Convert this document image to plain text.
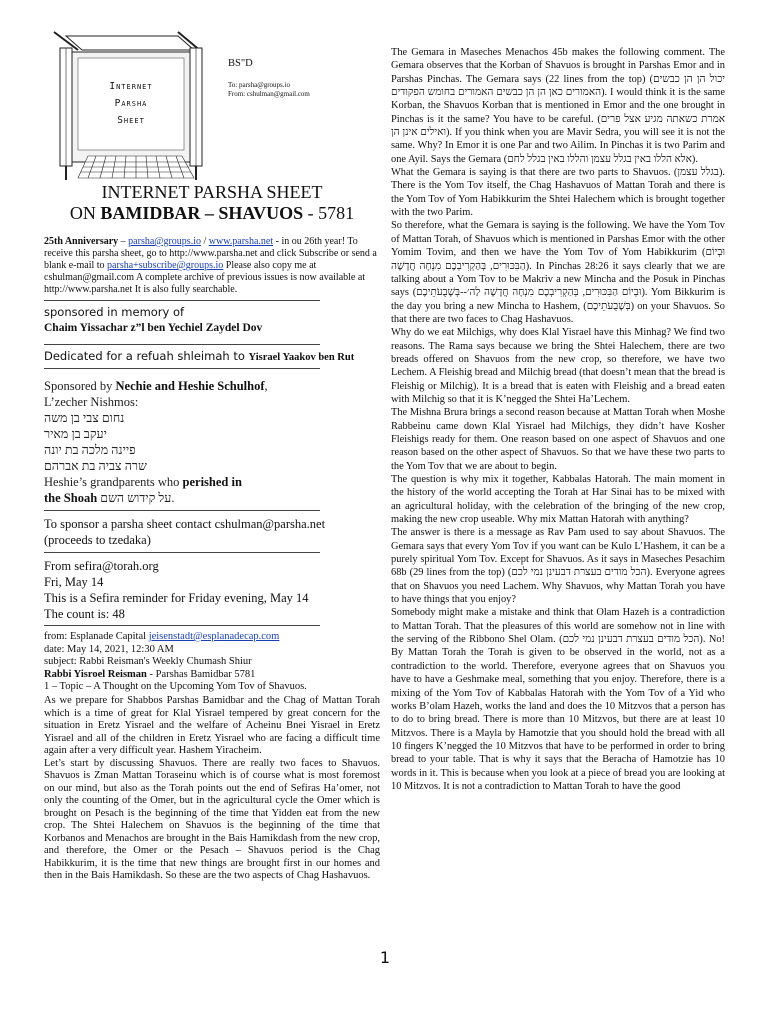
Internet
Parsha
Sheet
BS"D
To: parsha@groups.io
From: cshulman@gmail.com
INTERNET PARSHA SHEET
ON BAMIDBAR – SHAVUOS - 5781
25th Anniversary – parsha@groups.io / www.parsha.net - in ou 26th year! To receive this parsha sheet, go to http://www.parsha.net and click Subscribe or send a blank e-mail to parsha+subscribe@groups.io Please also copy me at cshulman@gmail.com A complete archive of previous issues is now available at http://www.parsha.net It is also fully searchable.
sponsored in memory of
Chaim Yissachar z”l ben Yechiel Zaydel Dov
Dedicated for a refuah shleimah to Yisrael Yaakov ben Rut
Sponsored by Nechie and Heshie Schulhof,
L’zecher Nishmos:
נחום צבי בן משה
יעקב בן מאיר
פיינה מלכה בת יונה
שרה צביה בת אברהם
Heshie’s grandparents who perished in
the Shoah על קידוש השם.
To sponsor a parsha sheet contact cshulman@parsha.net
(proceeds to tzedaka)
From sefira@torah.org
Fri, May 14
This is a Sefira reminder for Friday evening, May 14
The count is: 48
from: Esplanade Capital jeisenstadt@esplanadecap.com
date: May 14, 2021, 12:30 AM
subject: Rabbi Reisman's Weekly Chumash Shiur
Rabbi Yisroel Reisman - Parshas Bamidbar 5781
1 – Topic – A Thought on the Upcoming Yom Tov of Shavuos.
As we prepare for Shabbos Parshas Bamidbar and the Chag of Mattan Torah which is a time of great for Klal Yisrael tempered by great concern for the situation in Eretz Yisrael and the welfare of Acheinu Bnei Yisrael in Eretz Yisrael and all of the children in Eretz Yisrael who are facing a difficult time again after a very difficult year. Hashem Yiracheim.
Let’s start by discussing Shavuos. There are really two faces to Shavuos. Shavuos is Zman Mattan Toraseinu which is of course what is most foremost on our mind, but also as the Torah points out the end of Sefiras Ha’omer, not only the counting of the Omer, but in the agricultural cycle the Omer which is brought on Pesach is the beginning of the time that Yidden eat from the new crop. The Shtei Halechem on Shavuos is the beginning of the time that Korbanos and Menachos are brought in the Bais Hamikdash from the new crop, and therefore, the Omer or the Pesach – Shavuos period is the Chag Habikkurim, it is the time that new things are brought first in our homes and then in the Bais Hamikdash. So these are the two aspects of Chag Hashavuos.

The Gemara in Maseches Menachos 45b makes the following comment. The Gemara observes that the Korban of Shavuos is brought in Parshas Emor and in Parshas Pinchas. The Gemara says (22 lines from the top) (יכול הן הן כבשים האמורים כאן הן הן כבשים האמורים בחומש הפקודים). I would think it is the same Korban, the Shavuos Korban that is mentioned in Emor and the one brought in Pinchas is it the same? You have to be careful. (אמרת כשאתה מגיע אצל פרים ואילים אינן הן). If you think when you are Mavir Sedra, you will see it is not the same. Why? In Emor it is one Par and two Ailim. In Pinchas it is two Parim and one Ayil. Says the Gemara (אלא הללו באין בגלל עצמן והללו באין בגלל לחם).

What the Gemara is saying is that there are two parts to Shavuos. (בגלל עצמן). There is the Yom Tov itself, the Chag Hashavuos of Mattan Torah and there is the Yom Tov of Yom Habikkurim the Shtei Halechem which is brought together with the two Parim.

So therefore, what the Gemara is saying is the following. We have the Yom Tov of Mattan Torah, of Shavuos which is mentioned in Parshas Emor with the other Yomim Tovim, and then we have the Yom Tov of Yom Habikkurim (וּבְיוֹם הַבִּכּוּרִים, בְּהַקְרִיבְכֶם מִנְחָה חֲדָשָׁה). In Pinchas 28:26 it says clearly that we are talking about a Yom Tov to be Makriv a new Mincha and the Posuk in Pinchas says (וּבְיוֹם הַבִּכּוּרִים, בְּהַקְרִיבְכֶם מִנְחָה חֲדָשָׁה לַה׳--בְּשָׁבֻעֹתֵיכֶם). Yom Bikkurim is the day you bring a new Mincha to Hashem, (בְּשָׁבֻעֹתֵיכֶם) on your Shavuos. So that there are two faces to Chag Hashavuos.

Why do we eat Milchigs, why does Klal Yisrael have this Minhag? We find two reasons. The Rama says because we bring the Shtei Halechem, there are two breads offered on Shavuos from the new crop, so therefore, we have two Lechem. A Fleishig bread and Milchig bread (that doesn’t mean that the bread is Fleishig or Milchig). It is a bread that is eaten with Fleishig and a bread eaten with Milchig so that it is K’negged the Shtei Ha’Lechem.

The Mishna Brura brings a second reason because at Mattan Torah when Moshe Rabbeinu came down Klal Yisrael had Milchigs, they didn’t have Kosher Fleishigs ready for them. One reason based on one aspect of Shavuos and one reason based on the other aspect of Shavuos. So that we have these two parts to the Yom Tov that we are about to begin.

The question is why mix it together, Kabbalas Hatorah. The main moment in the history of the world accepting the Torah at Har Sinai has to be mixed with an agricultural holiday, with the celebration of the bringing of the new crop, making the new crop useable. Why mix Mattan Hatorah with anything?

The answer is there is a message as Rav Pam used to say about Shavuos. The Gemara says that every Yom Tov if you want can be Kulo L’Hashem, it can be a purely spiritual Yom Tov. Except for Shavuos. As it says in Maseches Pesachim 68b (29 lines from the top) (הכל מודים בעצרת דבעינן נמי לכם). Everyone agrees that on Shavuos you need Lachem. Why Shavuos, why Mattan Torah you have to have things that you enjoy?

Somebody might make a mistake and think that Olam Hazeh is a contradiction to Mattan Torah. That the pleasures of this world are somehow not in line with the serving of the Ribbono Shel Olam. (הכל מודים בעצרת דבעינן נמי לכם). No! By Mattan Torah the Torah is given to be observed in the world, not as a contradiction to the world. Therefore, everyone agrees that on Shavuos you have to have a Geshmake meal, something that you enjoy. Therefore, there is a mixing of the Yom Tov of Kabbalas Hatorah with the Yom Tov of a Yid who works B’olam Hazeh, works the land and does the 10 Mitzvos that a person has to do to bring bread. There is more than 10 Mitzvos, but there are at least 10 Mitzvos. There is a Mayla by Hamotzie that you should hold the bread with all 10 fingers K’negged the 10 Mitzvos that have to be performed in order to bring bread to your table. That is why it says that the Beracha of Hamotzie has 10 words in it. This is because when you look at a piece of bread you are looking at 10 Mitzvos. It is not a contradiction to Mattan Torah to have the good

1
